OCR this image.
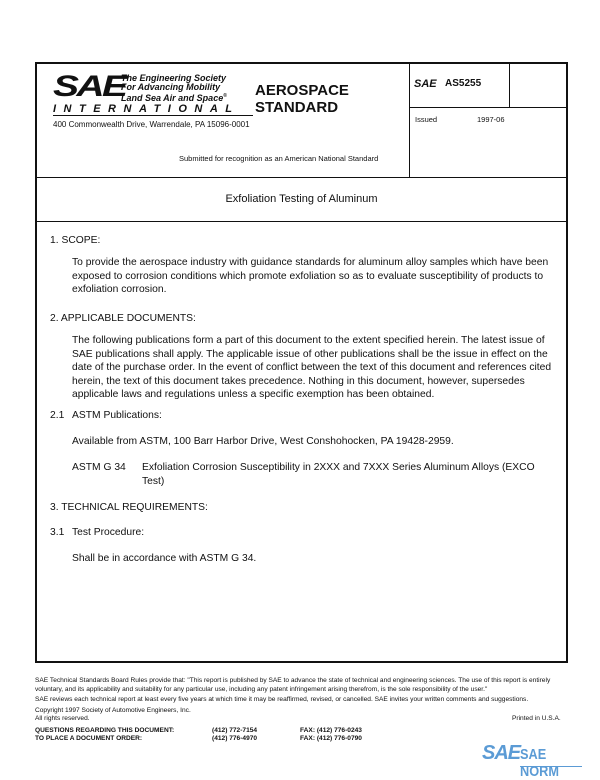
SAE
The Engineering Society
For Advancing Mobility
Land Sea Air and Space®
INTERNATIONAL
400 Commonwealth Drive, Warrendale, PA 15096-0001
AEROSPACE
STANDARD
Submitted for recognition as an American National Standard
SAE AS5255
Issued	1997-06
Exfoliation Testing of Aluminum
1. SCOPE:
To provide the aerospace industry with guidance standards for aluminum alloy samples which have been exposed to corrosion conditions which promote exfoliation so as to evaluate susceptibility of products to exfoliation corrosion.
2. APPLICABLE DOCUMENTS:
The following publications form a part of this document to the extent specified herein. The latest issue of SAE publications shall apply. The applicable issue of other publications shall be the issue in effect on the date of the purchase order. In the event of conflict between the text of this document and references cited herein, the text of this document takes precedence. Nothing in this document, however, supersedes applicable laws and regulations unless a specific exemption has been obtained.
2.1 ASTM Publications:
Available from ASTM, 100 Barr Harbor Drive, West Conshohocken, PA 19428-2959.
ASTM G 34	Exfoliation Corrosion Susceptibility in 2XXX and 7XXX Series Aluminum Alloys (EXCO Test)
3. TECHNICAL REQUIREMENTS:
3.1 Test Procedure:
Shall be in accordance with ASTM G 34.
SAE Technical Standards Board Rules provide that: "This report is published by SAE to advance the state of technical and engineering sciences. The use of this report is entirely voluntary, and its applicability and suitability for any particular use, including any patent infringement arising therefrom, is the sole responsibility of the user."
SAE reviews each technical report at least every five years at which time it may be reaffirmed, revised, or cancelled. SAE invites your written comments and suggestions.
Copyright 1997 Society of Automotive Engineers, Inc.
All rights reserved.	Printed in U.S.A.
QUESTIONS REGARDING THIS DOCUMENT:	(412) 772-7154	FAX: (412) 776-0243
TO PLACE A DOCUMENT ORDER:	(412) 776-4970	FAX: (412) 776-0790
SAE SAE NORM
